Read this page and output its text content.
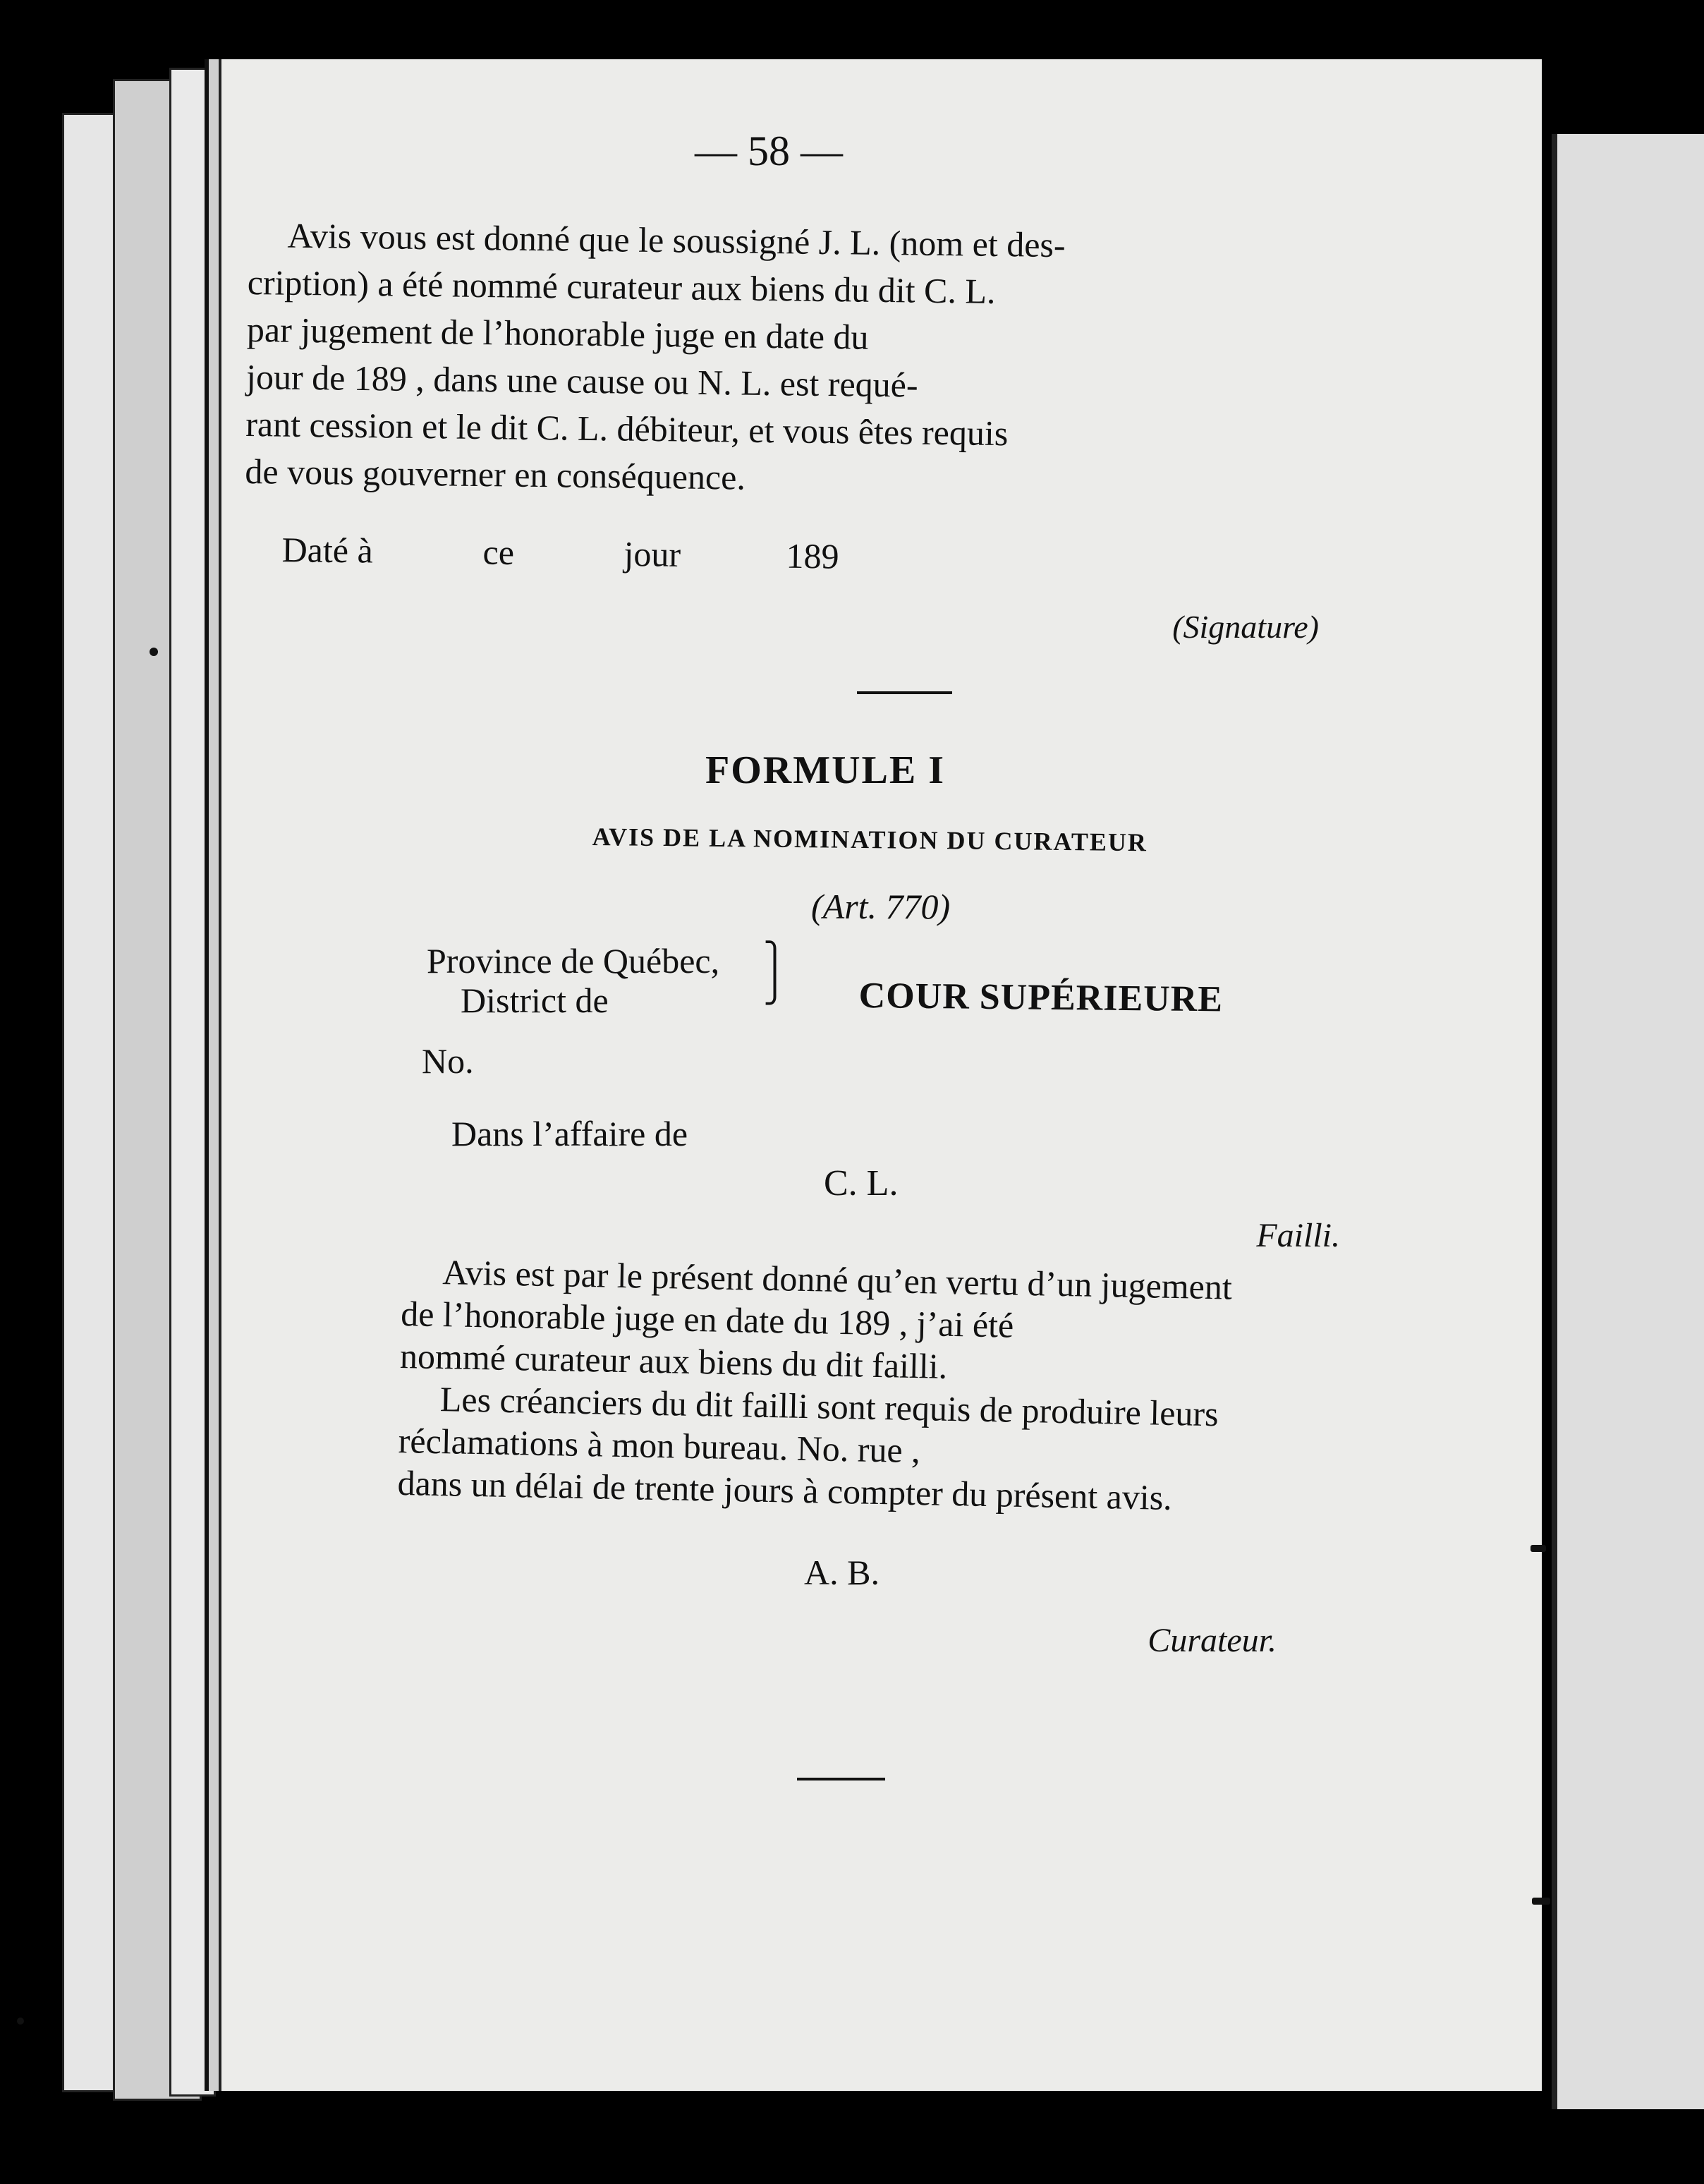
— 58 —
Avis vous est donné que le soussigné J. L. (nom et des-
cription) a été nommé curateur aux biens du dit C. L.
par jugement de l’honorable juge en date du
jour de 189 , dans une cause ou N. L. est requé-
rant cession et le dit C. L. débiteur, et vous êtes requis
de vous gouverner en conséquence.
Daté à	ce	jour	189
(Signature)
FORMULE I
AVIS DE LA NOMINATION DU CURATEUR
(Art. 770)
Province de Québec,
District de
⎫
⎭ COUR SUPÉRIEURE
No.
Dans l’affaire de
C. L.
Failli.
Avis est par le présent donné qu’en vertu d’un jugement
de l’honorable juge en date du 189 , j’ai été
nommé curateur aux biens du dit failli.
Les créanciers du dit failli sont requis de produire leurs
réclamations à mon bureau. No. rue ,
dans un délai de trente jours à compter du présent avis.
A. B.
Curateur.
